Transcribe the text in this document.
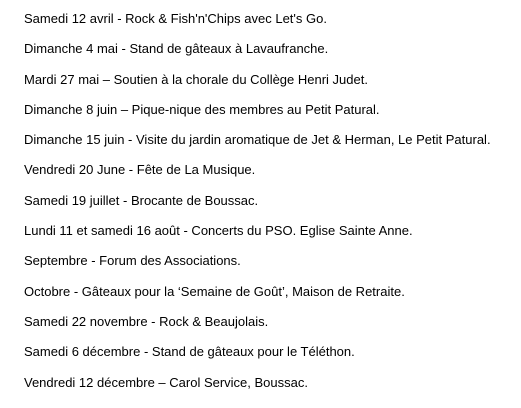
Samedi 12 avril - Rock & Fish'n'Chips avec Let's Go.
Dimanche 4 mai - Stand de gâteaux à Lavaufranche.
Mardi 27 mai – Soutien à la chorale du Collège Henri Judet.
Dimanche 8 juin – Pique-nique des membres au Petit Patural.
Dimanche 15 juin - Visite du jardin aromatique de Jet & Herman, Le Petit Patural.
Vendredi 20 June - Fête de La Musique.
Samedi 19 juillet - Brocante de Boussac.
Lundi 11 et samedi 16 août - Concerts du PSO. Eglise Sainte Anne.
Septembre - Forum des Associations.
Octobre - Gâteaux pour la ‘Semaine de Goût’, Maison de Retraite.
Samedi 22 novembre - Rock & Beaujolais.
Samedi 6 décembre - Stand de gâteaux pour le Téléthon.
Vendredi 12 décembre – Carol Service, Boussac.
